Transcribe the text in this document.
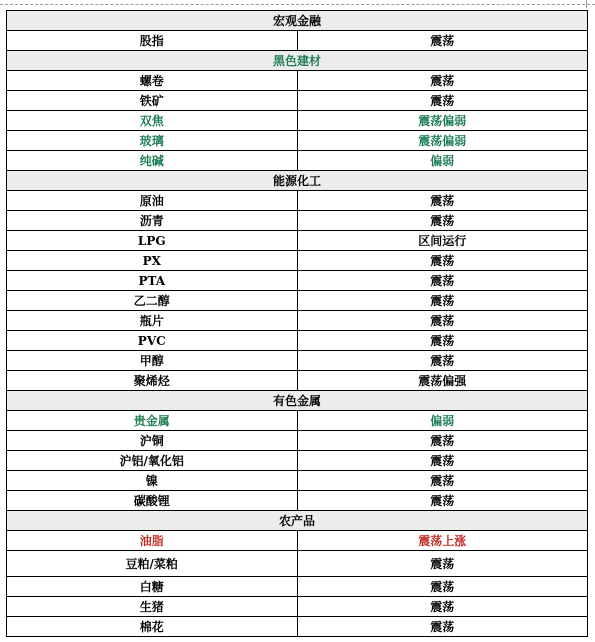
宏观金融	
股指	震荡
黑色建材	
螺卷	震荡
铁矿	震荡
双焦	震荡偏弱
玻璃	震荡偏弱
纯碱	偏弱
能源化工	
原油	震荡
沥青	震荡
LPG	区间运行
PX	震荡
PTA	震荡
乙二醇	震荡
瓶片	震荡
PVC	震荡
甲醇	震荡
聚烯烃	震荡偏强
有色金属	
贵金属	偏弱
沪铜	震荡
沪铝/氧化铝	震荡
镍	震荡
碳酸锂	震荡
农产品	
油脂	震荡上涨
豆粕/菜粕	震荡
白糖	震荡
生猪	震荡
棉花	震荡
